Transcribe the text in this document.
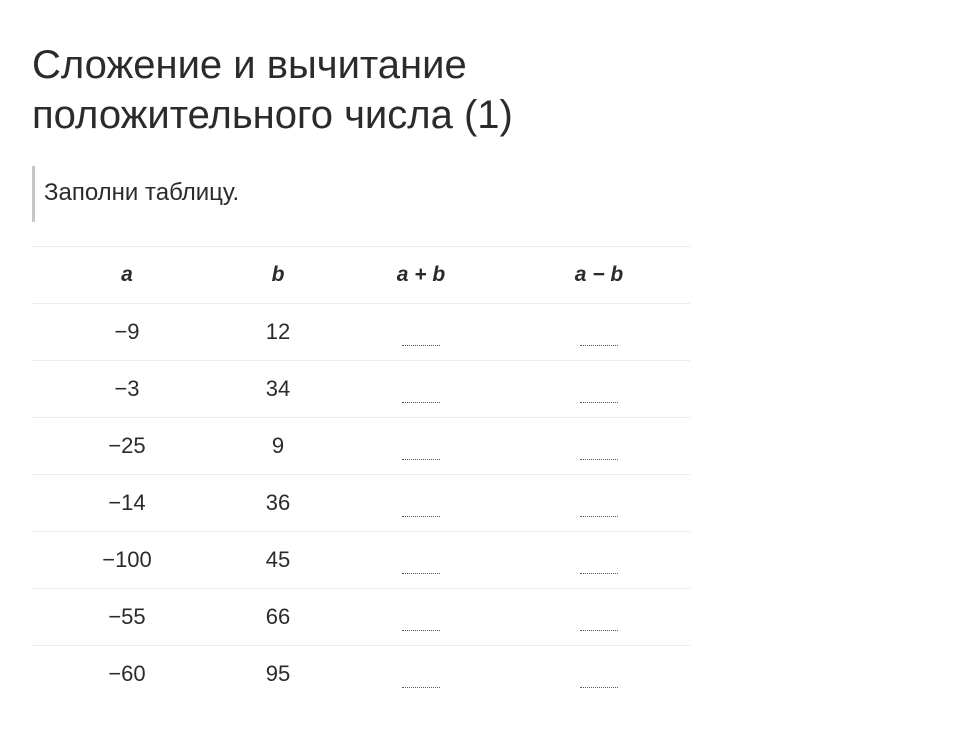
Сложение и вычитание
положительного числа (1)
Заполни таблицу.
a	b	a + b	a − b
−9	12		
−3	34		
−25	9		
−14	36		
−100	45		
−55	66		
−60	95		
